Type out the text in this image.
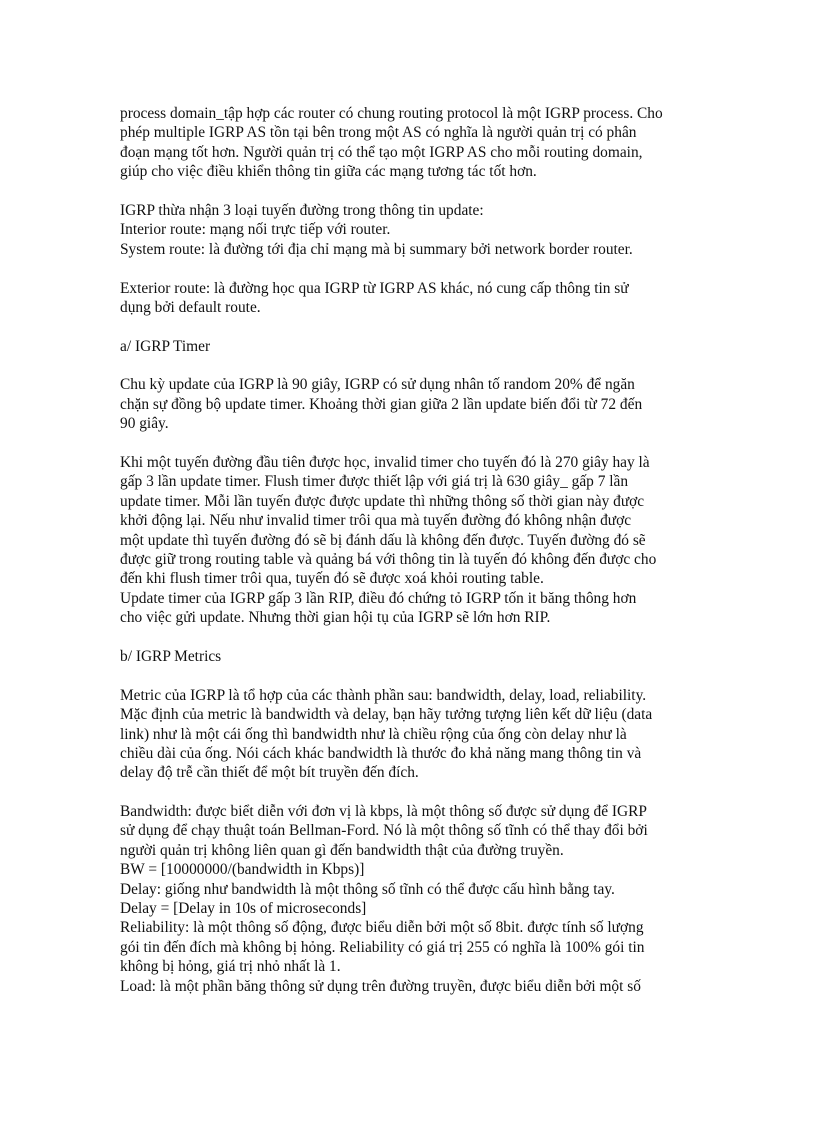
process domain_tập hợp các router có chung routing protocol là một IGRP process. Cho
phép multiple IGRP AS tồn tại bên trong một AS có nghĩa là người quản trị có phân
đoạn mạng tốt hơn. Người quản trị có thể tạo một IGRP AS cho mỗi routing domain,
giúp cho việc điều khiển thông tin giữa các mạng tương tác tốt hơn.
IGRP thừa nhận 3 loại tuyến đường trong thông tin update:
Interior route: mạng nối trực tiếp với router.
System route: là đường tới địa chỉ mạng mà bị summary bởi network border router.
Exterior route: là đường học qua IGRP từ IGRP AS khác, nó cung cấp thông tin sử
dụng bởi default route.
a/ IGRP Timer
Chu kỳ update của IGRP là 90 giây, IGRP có sử dụng nhân tố random 20% để ngăn
chặn sự đồng bộ update timer. Khoảng thời gian giữa 2 lần update biến đổi từ 72 đến
90 giây.
Khi một tuyến đường đầu tiên được học, invalid timer cho tuyến đó là 270 giây hay là
gấp 3 lần update timer. Flush timer được thiết lập với giá trị là 630 giây_ gấp 7 lần
update timer. Mỗi lần tuyến được được update thì những thông số thời gian này được
khởi động lại. Nếu như invalid timer trôi qua mà tuyến đường đó không nhận được
một update thì tuyến đường đó sẽ bị đánh dấu là không đến được. Tuyến đường đó sẽ
được giữ trong routing table và quảng bá với thông tin là tuyến đó không đến được cho
đến khi flush timer trôi qua, tuyến đó sẽ được xoá khỏi routing table.
Update timer của IGRP gấp 3 lần RIP, điều đó chứng tỏ IGRP tốn it băng thông hơn
cho việc gửi update. Nhưng thời gian hội tụ của IGRP sẽ lớn hơn RIP.
b/ IGRP Metrics
Metric của IGRP là tổ hợp của các thành phần sau: bandwidth, delay, load, reliability.
Mặc định của metric là bandwidth và delay, bạn hãy tưởng tượng liên kết dữ liệu (data
link) như là một cái ống thì bandwidth như là chiều rộng của ống còn delay như là
chiều dài của ống. Nói cách khác bandwidth là thước đo khả năng mang thông tin và
delay độ trễ cần thiết để một bít truyền đến đích.
Bandwidth: được biểt diễn với đơn vị là kbps, là một thông số được sử dụng để IGRP
sử dụng để chạy thuật toán Bellman-Ford. Nó là một thông số tĩnh có thể thay đổi bởi
người quản trị không liên quan gì đến bandwidth thật của đường truyền.
BW = [10000000/(bandwidth in Kbps)]
Delay: giống như bandwidth là một thông số tĩnh có thể được cấu hình bằng tay.
Delay = [Delay in 10s of microseconds]
Reliability: là một thông số động, được biểu diễn bởi một số 8bit. được tính số lượng
gói tin đến đích mà không bị hỏng. Reliability có giá trị 255 có nghĩa là 100% gói tin
không bị hỏng, giá trị nhỏ nhất là 1.
Load: là một phần băng thông sử dụng trên đường truyền, được biểu diễn bởi một số
